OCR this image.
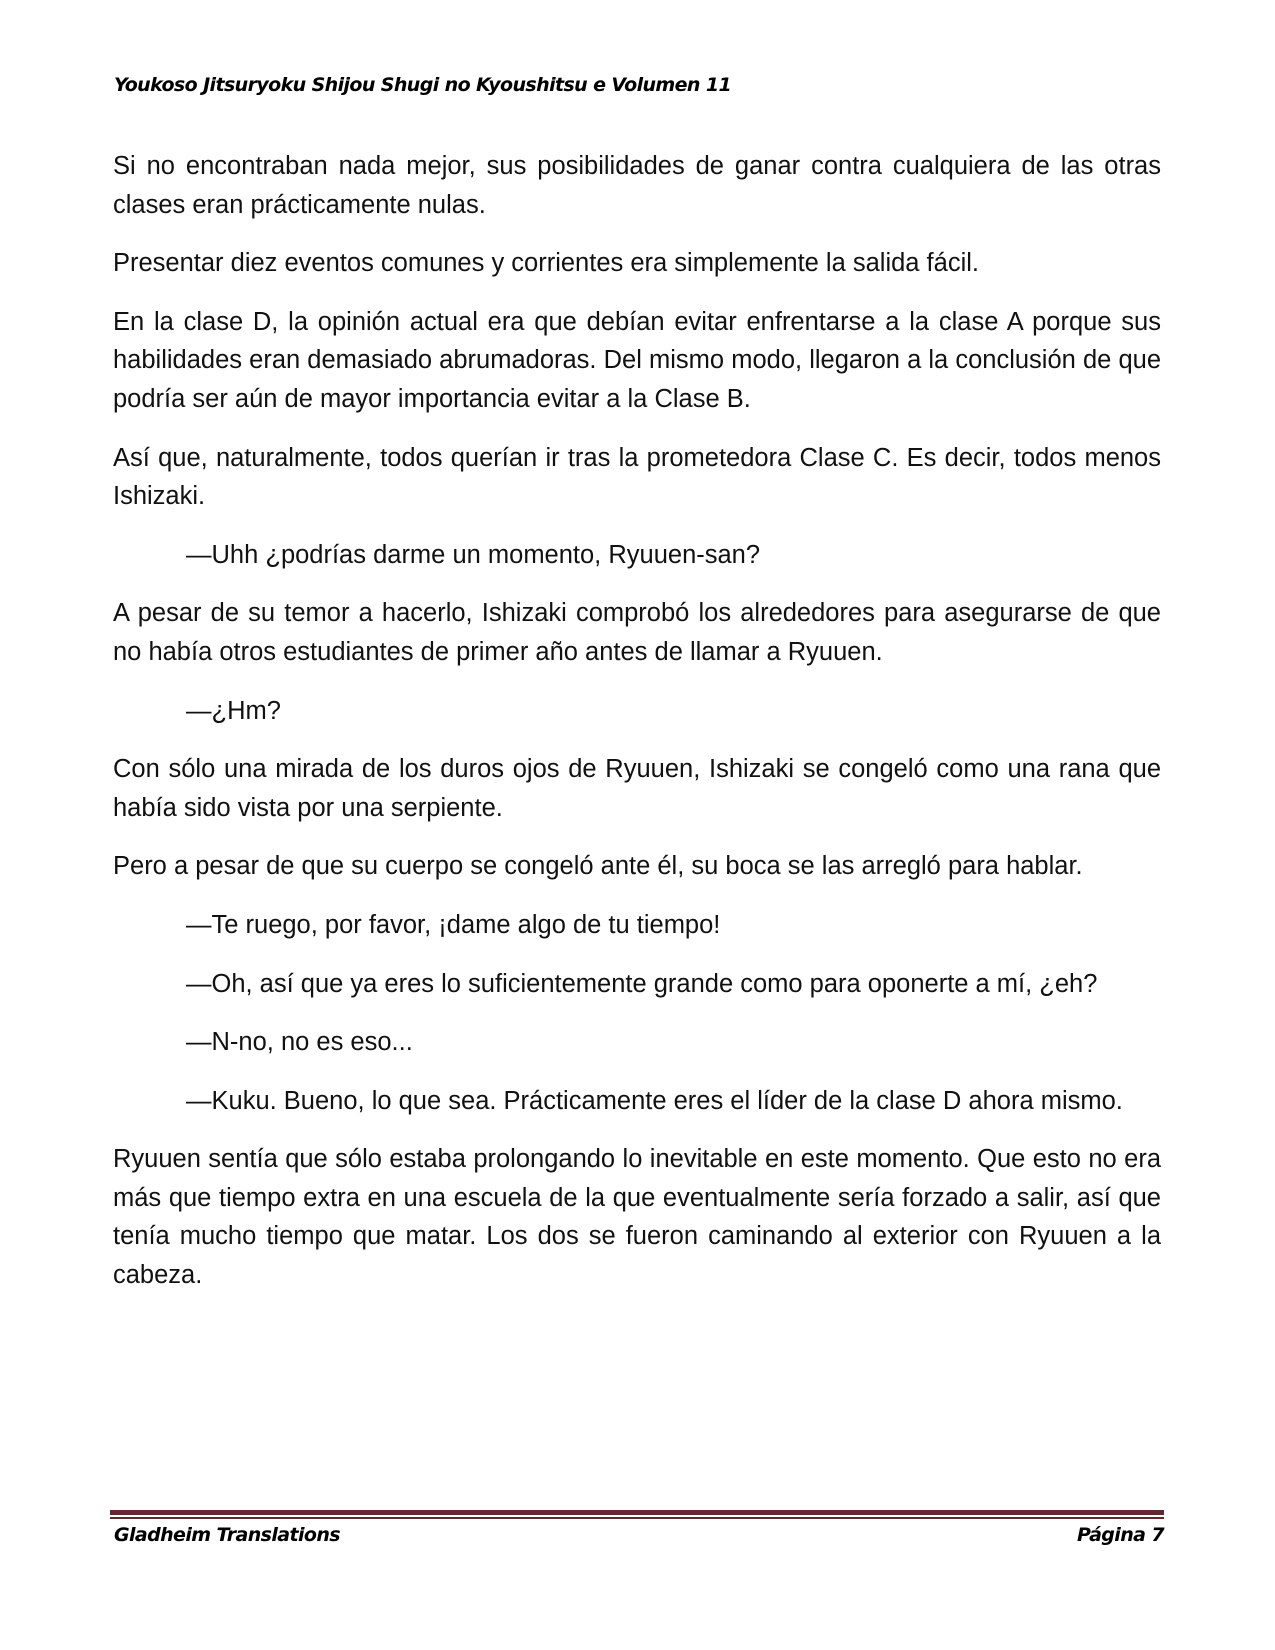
Youkoso Jitsuryoku Shijou Shugi no Kyoushitsu e Volumen 11

Si no encontraban nada mejor, sus posibilidades de ganar contra cualquiera de las otras clases eran prácticamente nulas.

Presentar diez eventos comunes y corrientes era simplemente la salida fácil.

En la clase D, la opinión actual era que debían evitar enfrentarse a la clase A porque sus habilidades eran demasiado abrumadoras. Del mismo modo, llegaron a la conclusión de que podría ser aún de mayor importancia evitar a la Clase B.

Así que, naturalmente, todos querían ir tras la prometedora Clase C. Es decir, todos menos Ishizaki.

—Uhh ¿podrías darme un momento, Ryuuen-san?

A pesar de su temor a hacerlo, Ishizaki comprobó los alrededores para asegurarse de que no había otros estudiantes de primer año antes de llamar a Ryuuen.

—¿Hm?

Con sólo una mirada de los duros ojos de Ryuuen, Ishizaki se congeló como una rana que había sido vista por una serpiente.

Pero a pesar de que su cuerpo se congeló ante él, su boca se las arregló para hablar.

—Te ruego, por favor, ¡dame algo de tu tiempo!

—Oh, así que ya eres lo suficientemente grande como para oponerte a mí, ¿eh?

—N-no, no es eso...

—Kuku. Bueno, lo que sea. Prácticamente eres el líder de la clase D ahora mismo.

Ryuuen sentía que sólo estaba prolongando lo inevitable en este momento. Que esto no era más que tiempo extra en una escuela de la que eventualmente sería forzado a salir, así que tenía mucho tiempo que matar. Los dos se fueron caminando al exterior con Ryuuen a la cabeza.

Gladheim Translations	Página 7
